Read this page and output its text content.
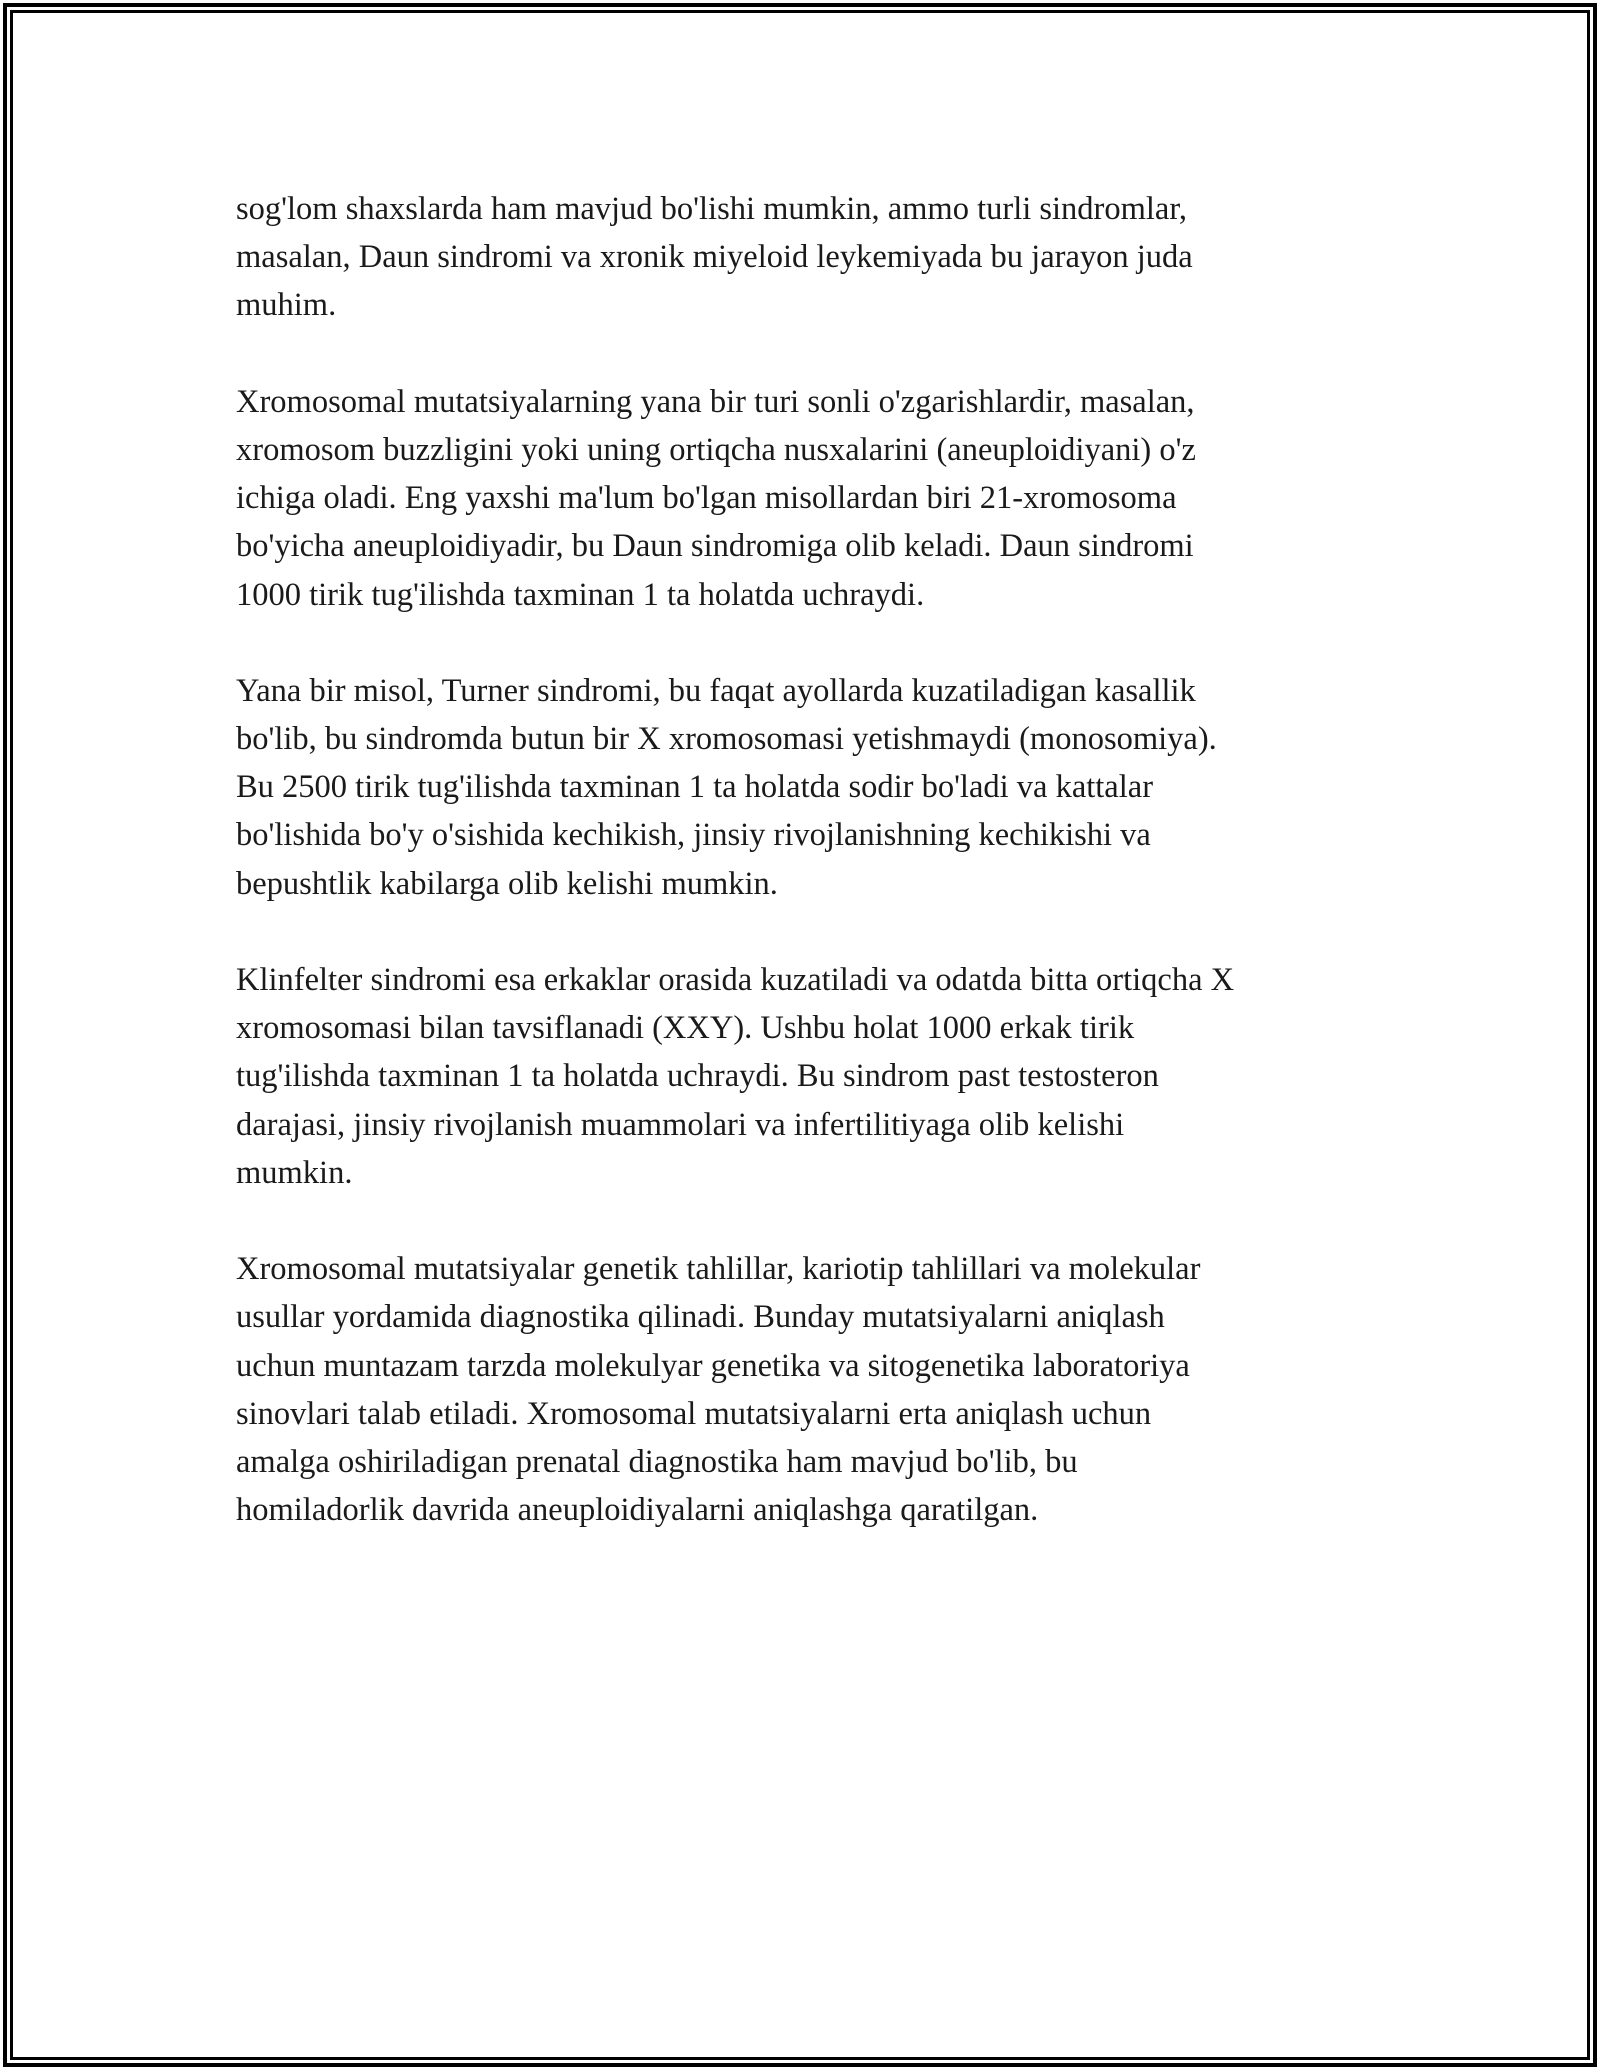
sog'lom shaxslarda ham mavjud bo'lishi mumkin, ammo turli sindromlar,
masalan, Daun sindromi va xronik miyeloid leykemiyada bu jarayon juda
muhim.

Xromosomal mutatsiyalarning yana bir turi sonli o'zgarishlardir, masalan,
xromosom buzzligini yoki uning ortiqcha nusxalarini (aneuploidiyani) o'z
ichiga oladi. Eng yaxshi ma'lum bo'lgan misollardan biri 21-xromosoma
bo'yicha aneuploidiyadir, bu Daun sindromiga olib keladi. Daun sindromi
1000 tirik tug'ilishda taxminan 1 ta holatda uchraydi.

Yana bir misol, Turner sindromi, bu faqat ayollarda kuzatiladigan kasallik
bo'lib, bu sindromda butun bir X xromosomasi yetishmaydi (monosomiya).
Bu 2500 tirik tug'ilishda taxminan 1 ta holatda sodir bo'ladi va kattalar
bo'lishida bo'y o'sishida kechikish, jinsiy rivojlanishning kechikishi va
bepushtlik kabilarga olib kelishi mumkin.

Klinfelter sindromi esa erkaklar orasida kuzatiladi va odatda bitta ortiqcha X
xromosomasi bilan tavsiflanadi (XXY). Ushbu holat 1000 erkak tirik
tug'ilishda taxminan 1 ta holatda uchraydi. Bu sindrom past testosteron
darajasi, jinsiy rivojlanish muammolari va infertilitiyaga olib kelishi
mumkin.

Xromosomal mutatsiyalar genetik tahlillar, kariotip tahlillari va molekular
usullar yordamida diagnostika qilinadi. Bunday mutatsiyalarni aniqlash
uchun muntazam tarzda molekulyar genetika va sitogenetika laboratoriya
sinovlari talab etiladi. Xromosomal mutatsiyalarni erta aniqlash uchun
amalga oshiriladigan prenatal diagnostika ham mavjud bo'lib, bu
homiladorlik davrida aneuploidiyalarni aniqlashga qaratilgan.
